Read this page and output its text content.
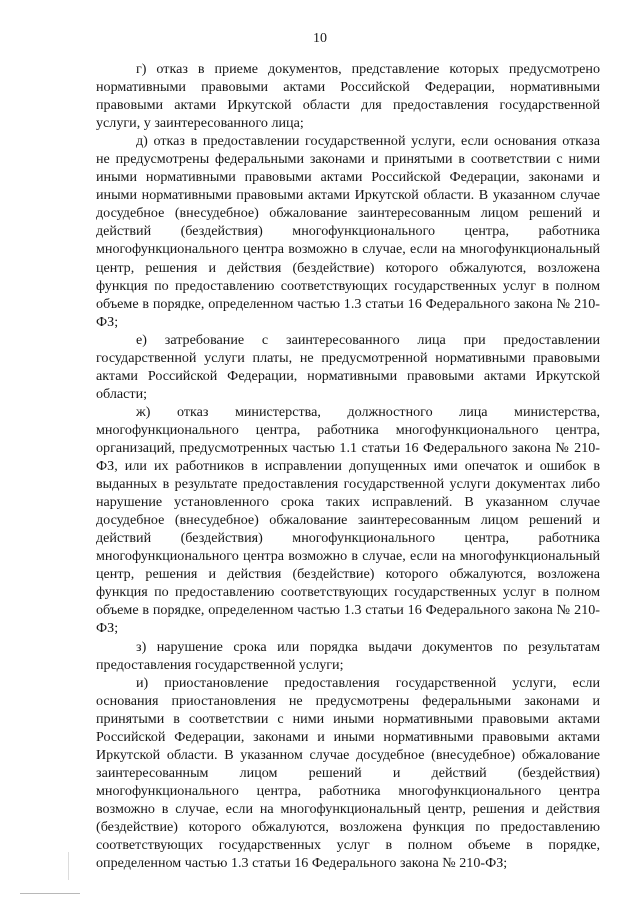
10

г) отказ в приеме документов, представление которых предусмотрено нормативными правовыми актами Российской Федерации, нормативными правовыми актами Иркутской области для предоставления государственной услуги, у заинтересованного лица;

д) отказ в предоставлении государственной услуги, если основания отказа не предусмотрены федеральными законами и принятыми в соответствии с ними иными нормативными правовыми актами Российской Федерации, законами и иными нормативными правовыми актами Иркутской области. В указанном случае досудебное (внесудебное) обжалование заинтересованным лицом решений и действий (бездействия) многофункционального центра, работника многофункционального центра возможно в случае, если на многофункциональный центр, решения и действия (бездействие) которого обжалуются, возложена функция по предоставлению соответствующих государственных услуг в полном объеме в порядке, определенном частью 1.3 статьи 16 Федерального закона № 210-ФЗ;

е) затребование с заинтересованного лица при предоставлении государственной услуги платы, не предусмотренной нормативными правовыми актами Российской Федерации, нормативными правовыми актами Иркутской области;

ж) отказ министерства, должностного лица министерства, многофункционального центра, работника многофункционального центра, организаций, предусмотренных частью 1.1 статьи 16 Федерального закона № 210-ФЗ, или их работников в исправлении допущенных ими опечаток и ошибок в выданных в результате предоставления государственной услуги документах либо нарушение установленного срока таких исправлений. В указанном случае досудебное (внесудебное) обжалование заинтересованным лицом решений и действий (бездействия) многофункционального центра, работника многофункционального центра возможно в случае, если на многофункциональный центр, решения и действия (бездействие) которого обжалуются, возложена функция по предоставлению соответствующих государственных услуг в полном объеме в порядке, определенном частью 1.3 статьи 16 Федерального закона № 210-ФЗ;

з) нарушение срока или порядка выдачи документов по результатам предоставления государственной услуги;

и) приостановление предоставления государственной услуги, если основания приостановления не предусмотрены федеральными законами и принятыми в соответствии с ними иными нормативными правовыми актами Российской Федерации, законами и иными нормативными правовыми актами Иркутской области. В указанном случае досудебное (внесудебное) обжалование заинтересованным лицом решений и действий (бездействия) многофункционального центра, работника многофункционального центра возможно в случае, если на многофункциональный центр, решения и действия (бездействие) которого обжалуются, возложена функция по предоставлению соответствующих государственных услуг в полном объеме в порядке, определенном частью 1.3 статьи 16 Федерального закона № 210-ФЗ;
